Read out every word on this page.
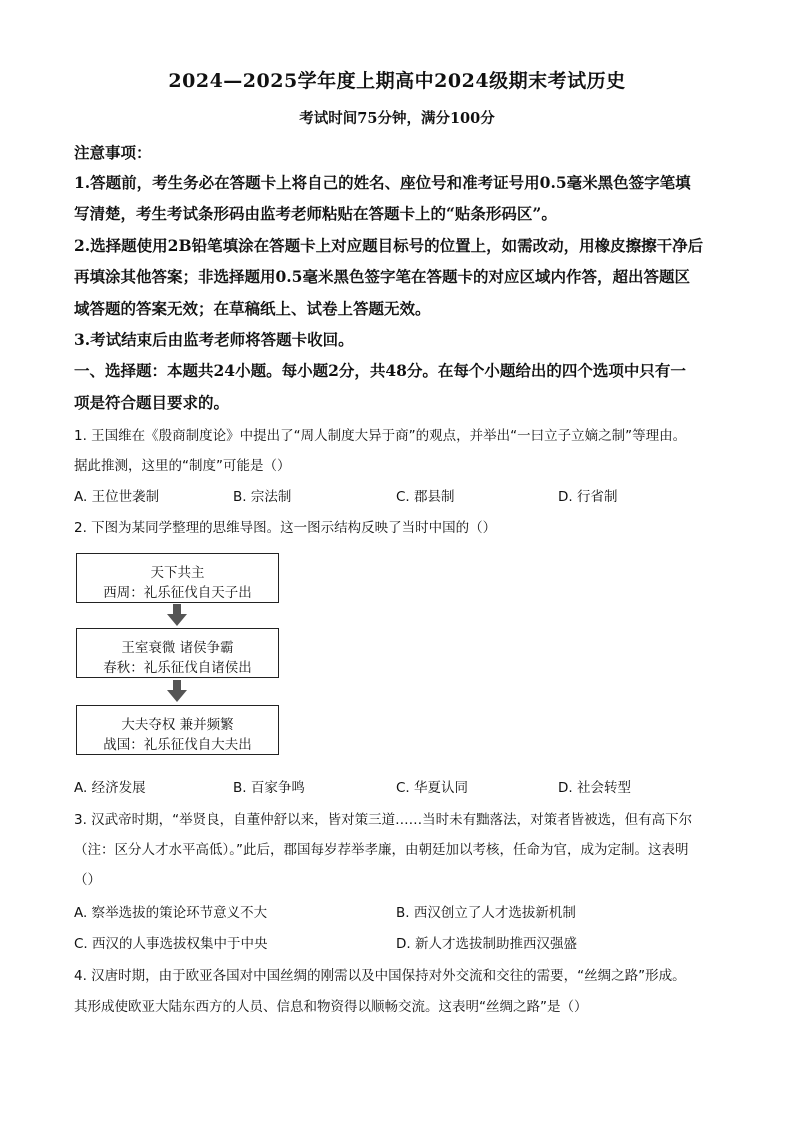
2024—2025学年度上期高中2024级期末考试历史
考试时间75分钟，满分100分
注意事项：
1.答题前，考生务必在答题卡上将自己的姓名、座位号和准考证号用0.5毫米黑色签字笔填
写清楚，考生考试条形码由监考老师粘贴在答题卡上的“贴条形码区”。
2.选择题使用2B铅笔填涂在答题卡上对应题目标号的位置上，如需改动，用橡皮擦擦干净后
再填涂其他答案；非选择题用0.5毫米黑色签字笔在答题卡的对应区域内作答，超出答题区
域答题的答案无效；在草稿纸上、试卷上答题无效。
3.考试结束后由监考老师将答题卡收回。
一、选择题：本题共24小题。每小题2分，共48分。在每个小题给出的四个选项中只有一
项是符合题目要求的。
1. 王国维在《殷商制度论》中提出了“周人制度大异于商”的观点，并举出“一曰立子立嫡之制”等理由。
据此推测，这里的“制度”可能是（）
A. 王位世袭制	B. 宗法制	C. 郡县制	D. 行省制
2. 下图为某同学整理的思维导图。这一图示结构反映了当时中国的（）
天下共主
西周：礼乐征伐自天子出
王室衰微 诸侯争霸
春秋：礼乐征伐自诸侯出
大夫夺权 兼并频繁
战国：礼乐征伐自大夫出
A. 经济发展	B. 百家争鸣	C. 华夏认同	D. 社会转型
3. 汉武帝时期，“举贤良，自董仲舒以来，皆对策三道……当时未有黜落法，对策者皆被选，但有高下尔
（注：区分人才水平高低）。”此后，郡国每岁荐举孝廉，由朝廷加以考核，任命为官，成为定制。这表明
（）
A. 察举选拔的策论环节意义不大	B. 西汉创立了人才选拔新机制
C. 西汉的人事选拔权集中于中央	D. 新人才选拔制助推西汉强盛
4. 汉唐时期，由于欧亚各国对中国丝绸的刚需以及中国保持对外交流和交往的需要，“丝绸之路”形成。
其形成使欧亚大陆东西方的人员、信息和物资得以顺畅交流。这表明“丝绸之路”是（）
